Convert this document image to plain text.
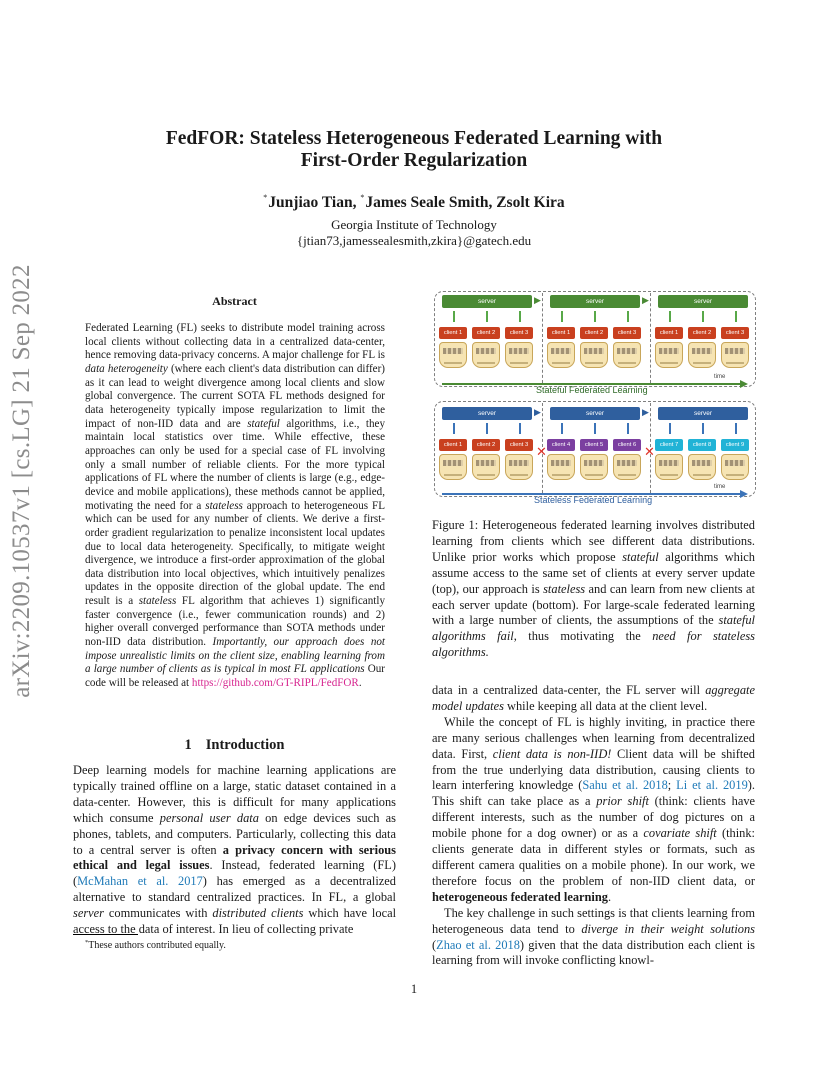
arXiv:2209.10537v1 [cs.LG] 21 Sep 2022
FedFOR: Stateless Heterogeneous Federated Learning with
First-Order Regularization
*Junjiao Tian, *James Seale Smith, Zsolt Kira
Georgia Institute of Technology
{jtian73,jamessealesmith,zkira}@gatech.edu
Abstract
Federated Learning (FL) seeks to distribute model training across local clients without collecting data in a centralized data-center, hence removing data-privacy concerns. A major challenge for FL is data heterogeneity (where each client's data distribution can differ) as it can lead to weight divergence among local clients and slow global convergence. The current SOTA FL methods designed for data heterogeneity typically impose regularization to limit the impact of non-IID data and are stateful algorithms, i.e., they maintain local statistics over time. While effective, these approaches can only be used for a special case of FL involving only a small number of reliable clients. For the more typical applications of FL where the number of clients is large (e.g., edge-device and mobile applications), these methods cannot be applied, motivating the need for a stateless approach to heterogeneous FL which can be used for any number of clients. We derive a first-order gradient regularization to penalize inconsistent local updates due to local data heterogeneity. Specifically, to mitigate weight divergence, we introduce a first-order approximation of the global data distribution into local objectives, which intuitively penalizes updates in the opposite direction of the global update. The end result is a stateless FL algorithm that achieves 1) significantly faster convergence (i.e., fewer communication rounds) and 2) higher overall converged performance than SOTA methods under non-IID data distribution. Importantly, our approach does not impose unrealistic limits on the client size, enabling learning from a large number of clients as is typical in most FL applications Our code will be released at https://github.com/GT-RIPL/FedFOR.
1 Introduction

Deep learning models for machine learning applications are typically trained offline on a large, static dataset contained in a data-center. However, this is difficult for many applications which consume personal user data on edge devices such as phones, tablets, and computers. Particularly, collecting this data to a central server is often a privacy concern with serious ethical and legal issues. Instead, federated learning (FL) (McMahan et al. 2017) has emerged as a decentralized alternative to standard centralized practices. In FL, a global server communicates with distributed clients which have local access to the data of interest. In lieu of collecting private

*These authors contributed equally.
1
server	server	server
▶	▶
server	server	server
▶	▶
client 1	client 2	client 3	client 1	client 2	client 3	client 1	client 2	client 3
client 1	client 2	client 3	client 4	client 5	client 6	client 7	client 8	client 9
✕	✕
Stateful Federated Learning
time
Stateless Federated Learning
time
Figure 1: Heterogeneous federated learning involves distributed learning from clients which see different data distributions. Unlike prior works which propose stateful algorithms which assume access to the same set of clients at every server update (top), our approach is stateless and can learn from new clients at each server update (bottom). For large-scale federated learning with a large number of clients, the assumptions of the stateful algorithms fail, thus motivating the need for stateless algorithms.

data in a centralized data-center, the FL server will aggregate model updates while keeping all data at the client level.

While the concept of FL is highly inviting, in practice there are many serious challenges when learning from decentralized data. First, client data is non-IID! Client data will be shifted from the true underlying data distribution, causing clients to learn interfering knowledge (Sahu et al. 2018; Li et al. 2019). This shift can take place as a prior shift (think: clients have different interests, such as the number of dog pictures on a mobile phone for a dog owner) or as a covariate shift (think: clients generate data in different styles or formats, such as different camera qualities on a mobile phone). In our work, we therefore focus on the problem of non-IID client data, or heterogeneous federated learning.

The key challenge in such settings is that clients learning from heterogeneous data tend to diverge in their weight solutions (Zhao et al. 2018) given that the data distribution each client is learning from will invoke conflicting knowl-
